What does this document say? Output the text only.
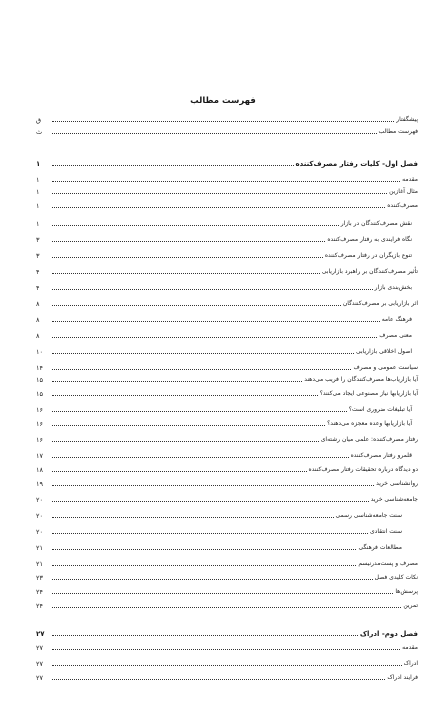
فهرست مطالب
پیشگفتار
ق
فهرست مطالب
ث
فصل اول- کلیات رفتار مصرف‌کننده
۱
مقدمه
۱
مثال آغازین
۱
مصرف‌کننده
۱
نقش مصرف‌کنندگان در بازار
۱
نگاه فرایندی به رفتار مصرف‌کننده
۳
تنوع بازیگران در رفتار مصرف‌کننده
۳
تأثیر مصرف‌کنندگان بر راهبرد بازاریابی
۴
بخش‌بندی بازار
۴
اثر بازاریابی بر مصرف‌کنندگان
۸
فرهنگ عامه
۸
معنی مصرف
۸
اصول اخلاقی بازاریابی
۱۰
سیاست عمومی و مصرف
۱۴
آیا بازاریاب‌ها مصرف‌کنندگان را فریب می‌دهند
۱۵
آیا بازاریابها نیاز مصنوعی ایجاد می‌کنند؟
۱۵
آیا تبلیغات ضروری است؟
۱۶
آیا بازاریابها وعده معجزه می‌دهند؟
۱۶
رفتار مصرف‌کننده: علمی میان رشته‌ای
۱۶
قلمرو رفتار مصرف‌کننده
۱۷
دو دیدگاه درباره تحقیقات رفتار مصرف‌کننده
۱۸
روانشناسی خرید
۱۹
جامعه‌شناسی خرید
۲۰
سنت جامعه‌شناسی رسمی
۲۰
سنت انتقادی
۲۰
مطالعات فرهنگی
۲۱
مصرف و پست‌مدرنیسم
۲۱
نکات کلیدی فصل
۲۳
پرسش‌ها
۲۴
تمرین
۲۴
فصل دوم- ادراک
۲۷
مقدمه
۲۷
ادراک
۲۷
فرایند ادراک
۲۷
